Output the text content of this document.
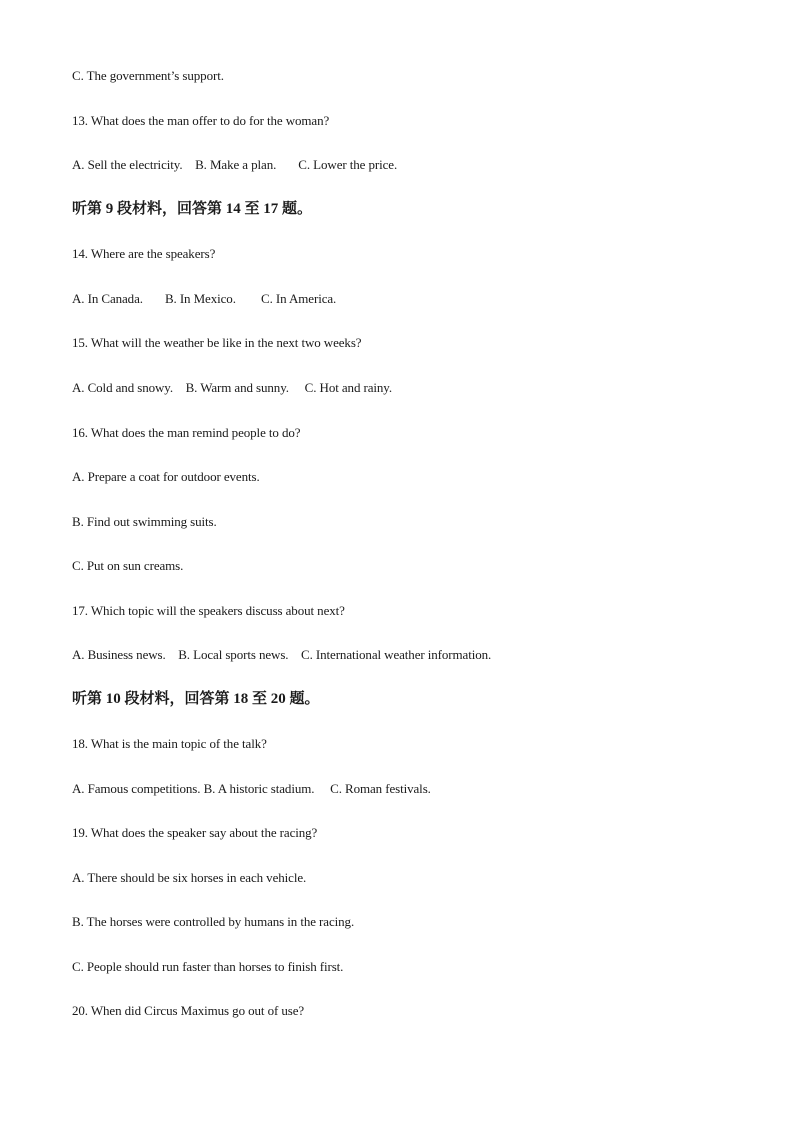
C. The government’s support.
13. What does the man offer to do for the woman?
A. Sell the electricity.    B. Make a plan.       C. Lower the price.
听第 9 段材料，回答第 14 至 17 题。
14. Where are the speakers?
A. In Canada.       B. In Mexico.        C. In America.
15. What will the weather be like in the next two weeks?
A. Cold and snowy.    B. Warm and sunny.     C. Hot and rainy.
16. What does the man remind people to do?
A. Prepare a coat for outdoor events.
B. Find out swimming suits.
C. Put on sun creams.
17. Which topic will the speakers discuss about next?
A. Business news.    B. Local sports news.    C. International weather information.
听第 10 段材料，回答第 18 至 20 题。
18. What is the main topic of the talk?
A. Famous competitions. B. A historic stadium.     C. Roman festivals.
19. What does the speaker say about the racing?
A. There should be six horses in each vehicle.
B. The horses were controlled by humans in the racing.
C. People should run faster than horses to finish first.
20. When did Circus Maximus go out of use?
